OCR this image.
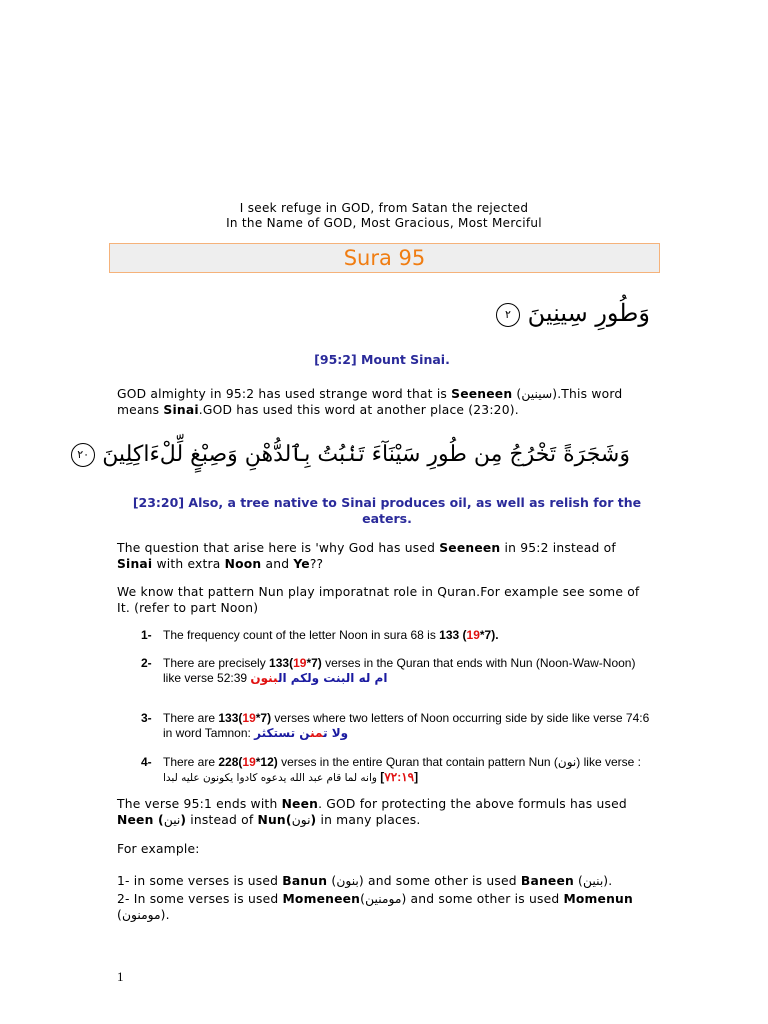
I seek refuge in GOD, from Satan the rejected
In the Name of GOD, Most Gracious, Most Merciful
Sura 95
وَطُورِ سِينِينَ ٢
[95:2] Mount Sinai.
GOD almighty in 95:2 has used strange word that is Seeneen (سينين).This word means Sinai.GOD has used this word at another place (23:20).
وَشَجَرَةً تَخْرُجُ مِن طُورِ سَيْنَآءَ تَنۢبُتُ بِٱلدُّهْنِ وَصِبْغٍ لِّلْءَاكِلِينَ ٢٠
[23:20] Also, a tree native to Sinai produces oil, as well as relish for the eaters.
The question that arise here is 'why God has used Seeneen in 95:2 instead of Sinai with extra Noon and Ye??
We know that pattern Nun play imporatnat role in Quran.For example see some of It. (refer to part Noon)
1- The frequency count of the letter Noon in sura 68 is 133 (19*7).
2- There are precisely 133(19*7) verses in the Quran that ends with Nun (Noon-Waw-Noon) like verse 52:39 ام له البنت ولكم البنون
3- There are 133(19*7) verses where two letters of Noon occurring side by side like verse 74:6 in word Tamnon:	ولا تمنن تستكثر
4- There are 228(19*12) verses in the entire Quran that contain pattern Nun (نون) like verse : وانه لما قام عبد الله يدعوه كادوا يكونون عليه لبدا [٧٢:١٩]
The verse 95:1 ends with Neen. GOD for protecting the above formuls has used Neen (نين) instead of Nun(نون) in many places.
For example:
1- in some verses is used Banun (بنون) and some other is used Baneen (بنين).
2- In some verses is used Momeneen(مومنين) and some other is used Momenun (مومنون).
1
